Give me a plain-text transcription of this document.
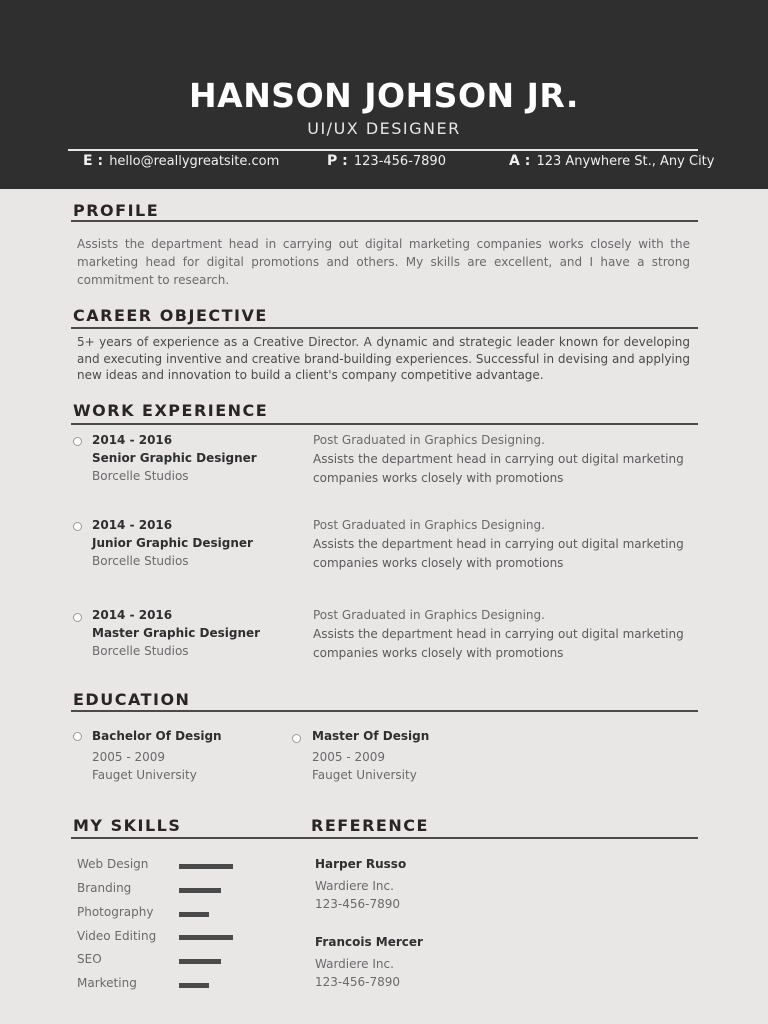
HANSON JOHSON JR.
UI/UX DESIGNER
E : hello@reallygreatsite.com	P : 123-456-7890	A : 123 Anywhere St., Any City
PROFILE
Assists the department head in carrying out digital marketing companies works closely with the marketing head for digital promotions and others. My skills are excellent, and I have a strong commitment to research.
CAREER OBJECTIVE
5+ years of experience as a Creative Director. A dynamic and strategic leader known for developing and executing inventive and creative brand-building experiences. Successful in devising and applying new ideas and innovation to build a client's company competitive advantage.
WORK EXPERIENCE
2014 - 2016
Senior Graphic Designer
Borcelle Studios
Post Graduated in Graphics Designing.
Assists the department head in carrying out digital marketing companies works closely with promotions
2014 - 2016
Junior Graphic Designer
Borcelle Studios
Post Graduated in Graphics Designing.
Assists the department head in carrying out digital marketing companies works closely with promotions
2014 - 2016
Master Graphic Designer
Borcelle Studios
Post Graduated in Graphics Designing.
Assists the department head in carrying out digital marketing companies works closely with promotions
EDUCATION
Bachelor Of Design
2005 - 2009
Fauget University
Master Of Design
2005 - 2009
Fauget University
MY SKILLS	REFERENCE
Web Design
Branding
Photography
Video Editing
SEO
Marketing
Harper Russo
Wardiere Inc.
123-456-7890
Francois Mercer
Wardiere Inc.
123-456-7890
